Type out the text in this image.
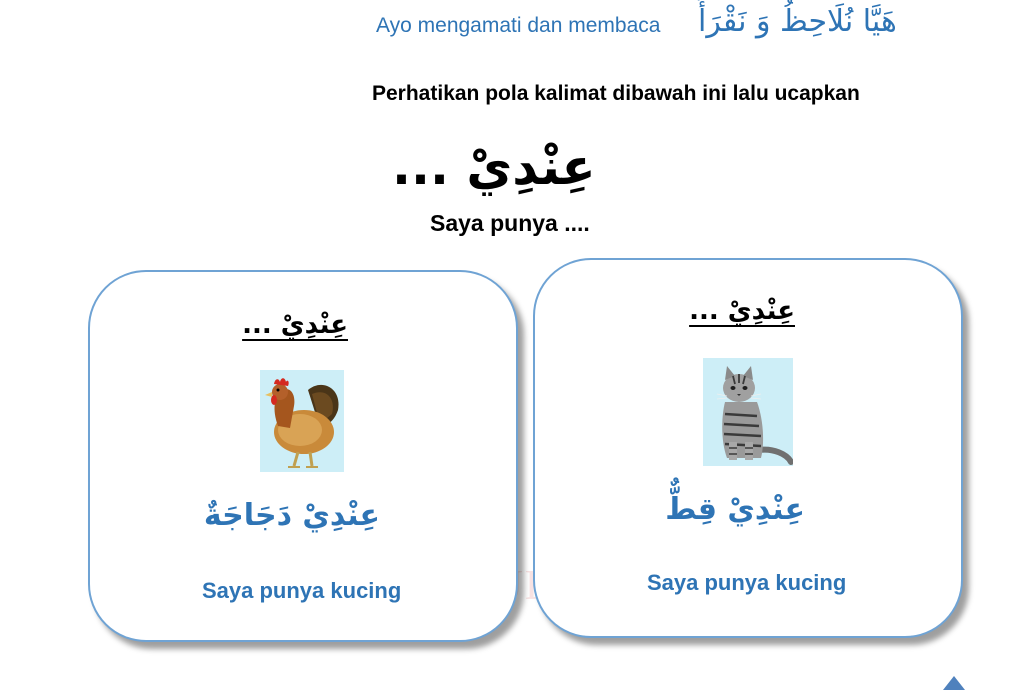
Ayo mengamati dan membaca هَيَّا نُلَاحِظُ وَ نَقْرَأُ
Perhatikan pola kalimat dibawah ini lalu ucapkan
عِنْدِيْ ...
Saya punya ....
عِنْدِيْ ...
عِنْدِيْ دَجَاجَةٌ
Saya punya kucing
عِنْدِيْ ...
عِنْدِيْ قِطٌّ
Saya punya kucing
